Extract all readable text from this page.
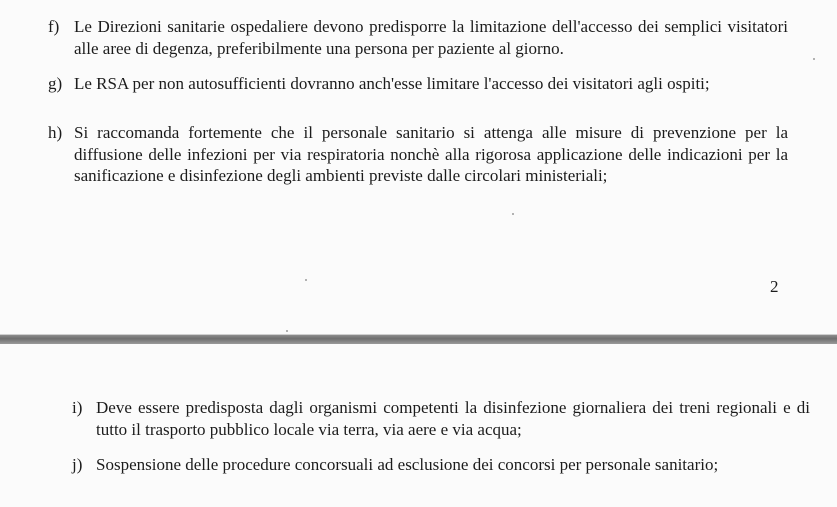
f) Le Direzioni sanitarie ospedaliere devono predisporre la limitazione dell'accesso dei semplici visitatori alle aree di degenza, preferibilmente una persona per paziente al giorno.
g) Le RSA per non autosufficienti dovranno anch'esse limitare l'accesso dei visitatori agli ospiti;
h) Si raccomanda fortemente che il personale sanitario si attenga alle misure di prevenzione per la diffusione delle infezioni per via respiratoria nonchè alla rigorosa applicazione delle indicazioni per la sanificazione e disinfezione degli ambienti previste dalle circolari ministeriali;
2
i) Deve essere predisposta dagli organismi competenti la disinfezione giornaliera dei treni regionali e di tutto il trasporto pubblico locale via terra, via aere e via acqua;
j) Sospensione delle procedure concorsuali ad esclusione dei concorsi per personale sanitario;
